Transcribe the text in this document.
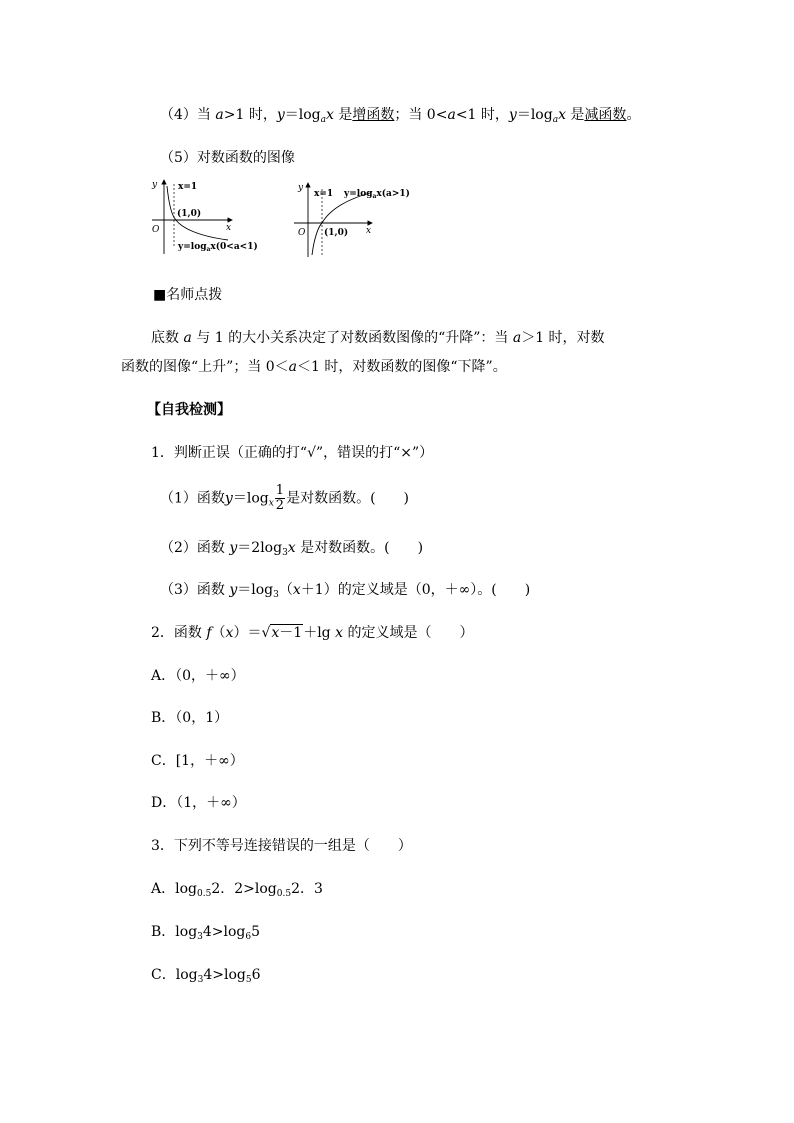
（4）当 a>1 时，$y=\log_ax$ 是增函数；当 0<a<1 时，$y=\log_ax$ 是减函数。
（5）对数函数的图像
y
x
O
x=1
(1,0)
$y=\log_ax(0<a<1)$
y
x
O
x=1 $y=\log_ax(a>1)$
(1,0)
■名师点拨
底数 a 与 1 的大小关系决定了对数函数图像的“升降”：当 a＞1 时，对数
函数的图像“上升”；当 0＜a＜1 时，对数函数的图像“下降”。
【自我检测】
1．判断正误（正确的打“√”，错误的打“×”）
（1）函数$y=\log_x \frac{1}{2}$ 是对数函数。(　　)
（2）函数 $y=2\log_3x$ 是对数函数。(　　)
（3）函数 $y=\log_3(x+1)$的定义域是（0，＋∞）。(　　)
2．函数 f（x）＝√x－1＋lg x 的定义域是（　　）
A．（0，＋∞）
B．（0，1）
C．[1，＋∞）
D．（1，＋∞）
3．下列不等号连接错误的一组是（　　）
A．$\log_{0.5}2$．$2>\log_{0.5}2$．3
B．$\log_34>\log_65$
C．$\log_34>\log_56$
